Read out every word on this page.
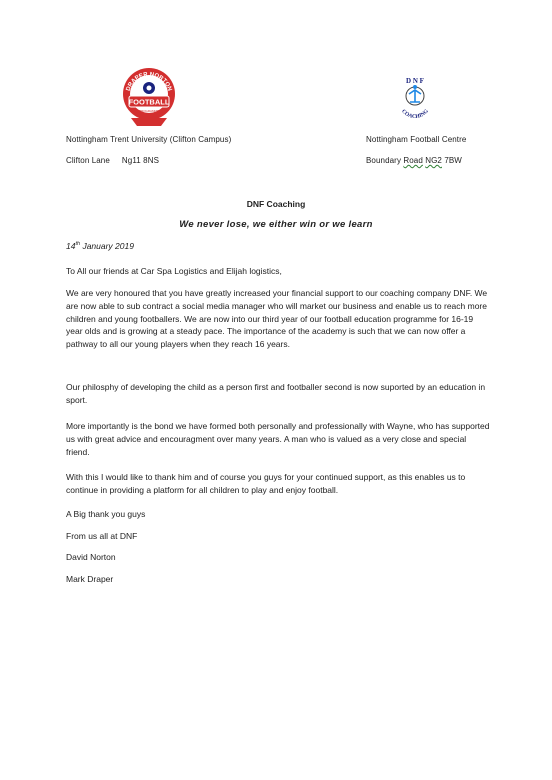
DRAPER NORTON
FOOTBALL
PROGRAMME
D N F
COACHING
Nottingham Trent University (Clifton Campus)
Clifton Lane Ng11 8NS
Nottingham Football Centre
Boundary Road NG2 7BW
DNF Coaching
We never lose, we either win or we learn
14th January 2019
To All our friends at Car Spa Logistics and Elijah logistics,
We are very honoured that you have greatly increased your financial support to our coaching company DNF. We are now able to sub contract a social media manager who will market our business and enable us to reach more children and young footballers. We are now into our third year of our football education programme for 16-19 year olds and is growing at a steady pace. The importance of the academy is such that we can now offer a pathway to all our young players when they reach 16 years.
Our philosphy of developing the child as a person first and footballer second is now suported by an education in sport.
More importantly is the bond we have formed both personally and professionally with Wayne, who has supported us with great advice and encouragment over many years. A man who is valued as a very close and special friend.
With this I would like to thank him and of course you guys for your continued support, as this enables us to continue in providing a platform for all children to play and enjoy football.
A Big thank you guys
From us all at DNF
David Norton
Mark Draper
